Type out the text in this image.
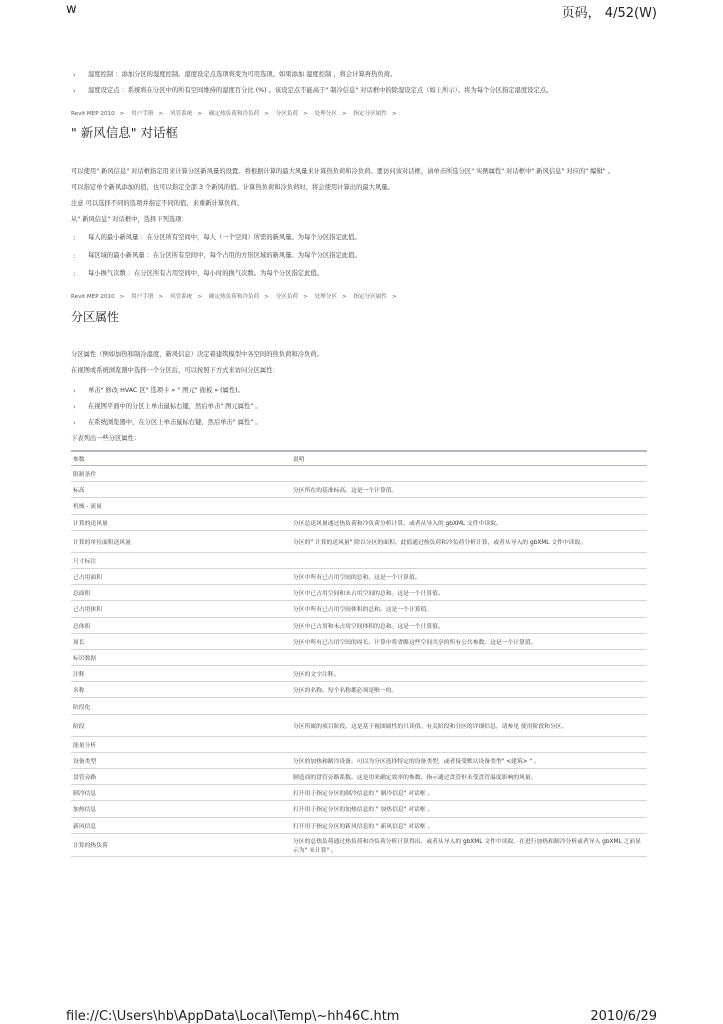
w	页码， 4/52(W)
› 湿度控制 ：添加分区的湿度控制。湿度设定点选项将变为可用选项。如果添加 湿度控制 ，将会计算再热负荷。
› 湿度设定点 ：系统将在分区中的所有空间维持的湿度百分比 (%) 。该设定点不能高于" 制冷信息" 对话框中的除湿设定点（如上所示）。将为每个分区指定湿度设定点。
Revit MEP 2010 > 用户手册 > 风管系统 > 确定热负荷和冷负荷 > 分区负荷 > 处理分区 > 指定分区属性 >
" 新风信息" 对话框
可以使用" 新风信息" 对话框指定用来计算分区新风量的设置。将根据计算的最大风量来计算热负荷和冷负荷。要访问该对话框，请单击所选分区" 实例属性" 对话框中" 新风信息" 对应的" 编辑" 。
可以指定单个新风添加的值，也可以指定全部 3 个新风的值。计算热负荷和冷负荷时，将会使用计算出的最大风量。
注意 可以选择不同的选项并指定不同的值，来重新计算负荷。
从" 新风信息" 对话框中，选择下列选项：
: 每人的最小新风量 ：在分区所有空间中，每人（一个空间）所需的新风量。为每个分区指定此值。
: 每区域的最小新风量 ：在分区所有空间中，每个占用的方形区域的新风量。为每个分区指定此值。
: 每小换气次数 ：在分区所有占用空间中，每小时的换气次数。为每个分区指定此值。
Revit MEP 2010 > 用户手册 > 风管系统 > 确定热负荷和冷负荷 > 分区负荷 > 处理分区 > 指定分区属性 >
分区属性
分区属性（例如加热和制冷湿度、新风信息）决定着建筑模型中各空间的热负荷和冷负荷。
在视图或系统浏览器中选择一个分区后，可以按照下方式来访问分区属性：
› 单击" 修改 HVAC 区" 选项卡 » " 图元" 面板 » (属性)。
› 在视图平面中的分区上单击鼠标右键，然后单击" 图元属性" 。
› 在系统浏览器中，在分区上单击鼠标右键，然后单击" 属性" 。
下表列出一些分区属性：
参数	说明
限制条件	
标高	分区所在的基准标高。这是一个计算值。
机械 - 流量	
计算的送风量	分区总送风量通过热负荷和冷负荷分析计算，或者从导入的 gbXML 文件中读取。
计算的单位面积送风量	分区的" 计算的送风量" 除以分区的面积。此值通过热负荷和冷负荷分析计算，或者从导入的 gbXML 文件中读取。
尺寸标注	
已占用面积	分区中所有已占用空间的总和。这是一个计算值。
总面积	分区中已占用空间和未占用空间的总和。这是一个计算值。
已占用体积	分区中所有已占用空间体积的总和。这是一个计算值。
总体积	分区中已占用和未占用空间体积的总和。这是一个计算值。
周长	分区中所有已占用空间的周长。计算中将省略这些空间共享的所有公共参数。这是一个计算值。
标识数据	
注释	分区的文字注释。
名称	分区的名称。每个名称都必须是唯一的。
阶段化	
阶段	分区所属的项目阶段。这是基于视图属性的只读值。有关阶段和分区的详细信息，请参见 使用阶段和分区。
能量分析	
设备类型	分区的加热和制冷设备。可以为分区选择特定的设备类型，或者接受默认设备类型" <建筑> " 。
盘管旁路	制造商的盘管旁路系数。这是用来确定效率的参数，指示通过盘管但未受盘管温度影响的风量。
制冷信息	打开用于指定分区的制冷信息的 " 制冷信息" 对话框 。
加热信息	打开用于指定分区的加热信息的 " 加热信息" 对话框 。
新风信息	打开用于指定分区的新风信息的 " 新风信息" 对话框 。
计算的热负荷	分区的总热负荷通过热负荷和冷负荷分析计算得出，或者从导入的 gbXML 文件中读取。在进行加热和制冷分析或者导入 gbXML 之前显示为" 未计算" 。
file://C:\Users\hb\AppData\Local\Temp\~hh46C.htm	2010/6/29
